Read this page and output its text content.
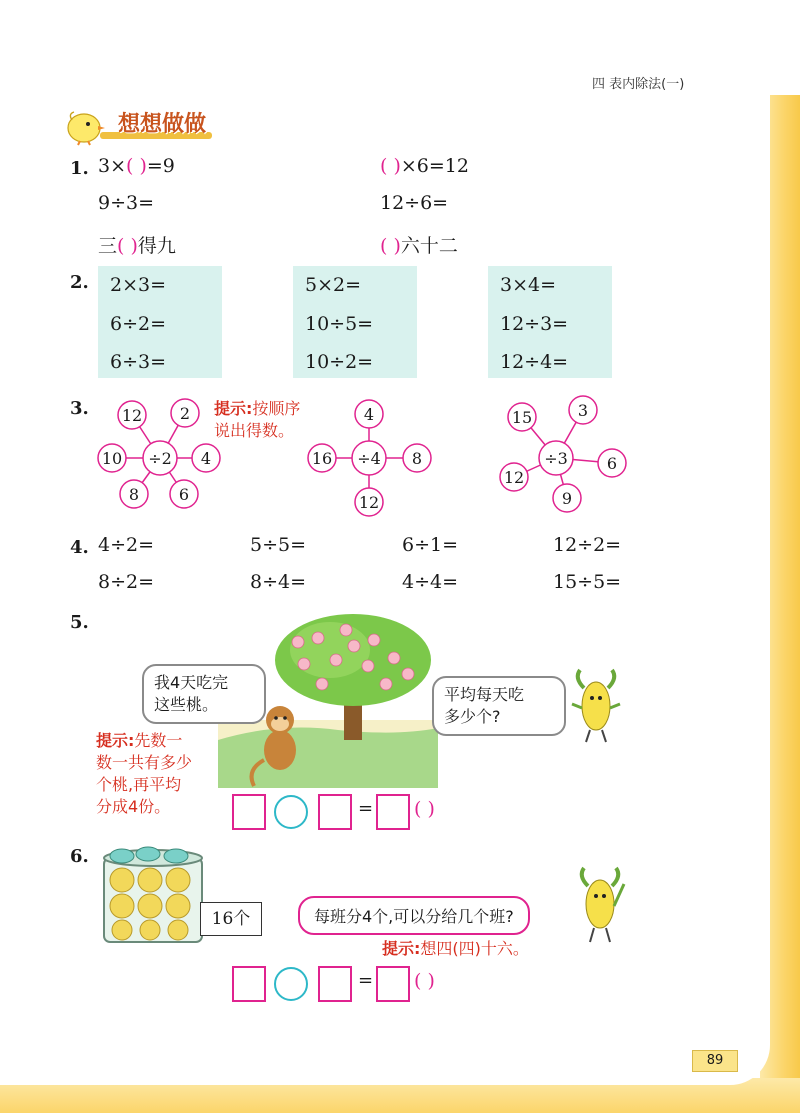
四 表内除法(一)
89
想想做做
1. 3×( )=9	( )×6=12
9÷3=	12÷6=
三( )得九	( )六十二
2. 2×3=
6÷2=
6÷3=
5×2=
10÷5=
10÷2=
3×4=
12÷3=
12÷4=
3.	提示:按顺序
说出得数。
÷2
12 2
4
6
8
10	÷4
4
8
12
16	÷3
15	3
6
9
12
4. 4÷2=	5÷5=	6÷1=	12÷2=
8÷2=	8÷4=	4÷4=	15÷5=
5.
我4天吃完
这些桃。
平均每天吃
多少个?
提示:先数一
数一共有多少
个桃,再平均
分成4份。	= ( )
6.
16个	每班分4个,可以分给几个班?
提示:想四(四)十六。
= ( )
